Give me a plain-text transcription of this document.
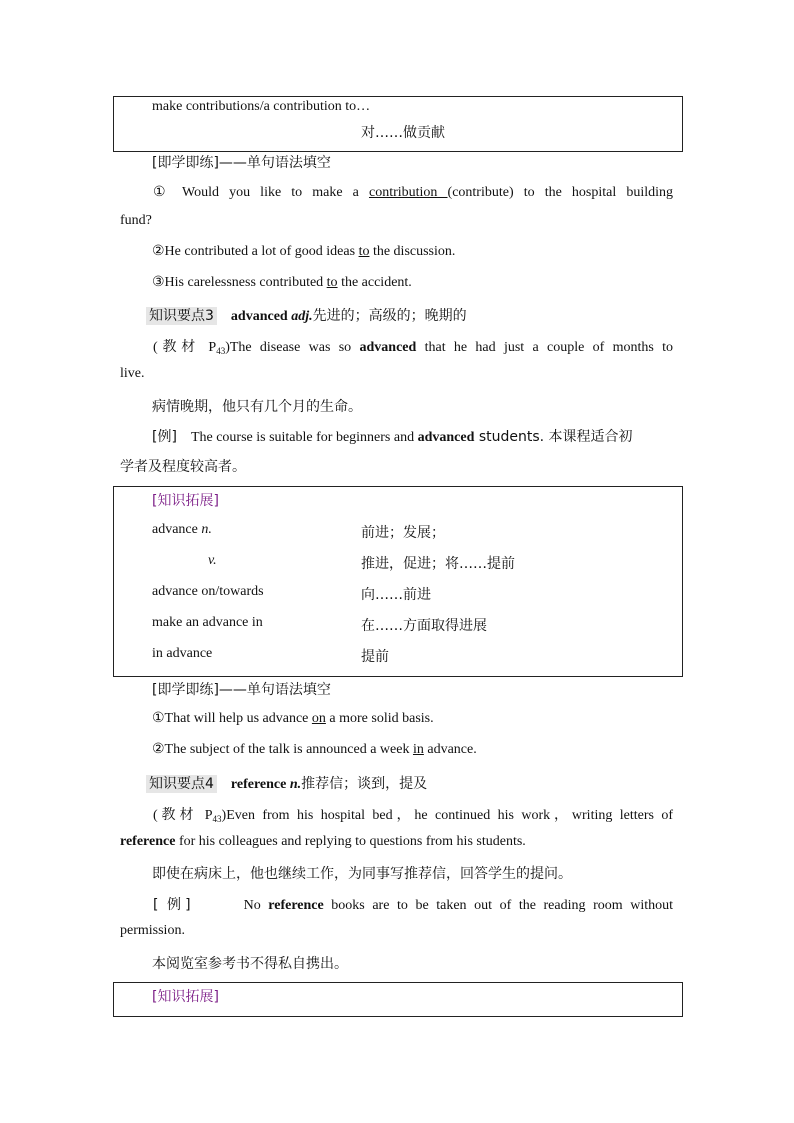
make contributions/a contribution to…
对……做贡献
[即学即练]——单句语法填空
① Would you like to make a contribution (contribute) to the hospital building
fund?
②He contributed a lot of good ideas to the discussion.
③His carelessness contributed to the accident.
知识要点3 advanced adj.先进的；高级的；晚期的
(教材 $P_{43})The$ disease was so advanced that he had just a couple of months to
live.
病情晚期，他只有几个月的生命。
[例] The course is suitable for beginners and advanced students. 本课程适合初
学者及程度较高者。
[知识拓展]
advance n.	前进；发展；
v.	推进，促进；将……提前
advance on/towards	向……前进
make an advance in	在……方面取得进展
in advance	提前
[即学即练]——单句语法填空
①That will help us advance on a more solid basis.
②The subject of the talk is announced a week in advance.
知识要点4 reference n.推荐信；谈到，提及
(教材 $P_{43})Even$ from his hospital bed，he continued his work，writing letters of
reference for his colleagues and replying to questions from his students.
即使在病床上，他也继续工作，为同事写推荐信，回答学生的提问。
[ 例]	No reference books are to be taken out of the reading room without
permission.
本阅览室参考书不得私自携出。
[知识拓展]
